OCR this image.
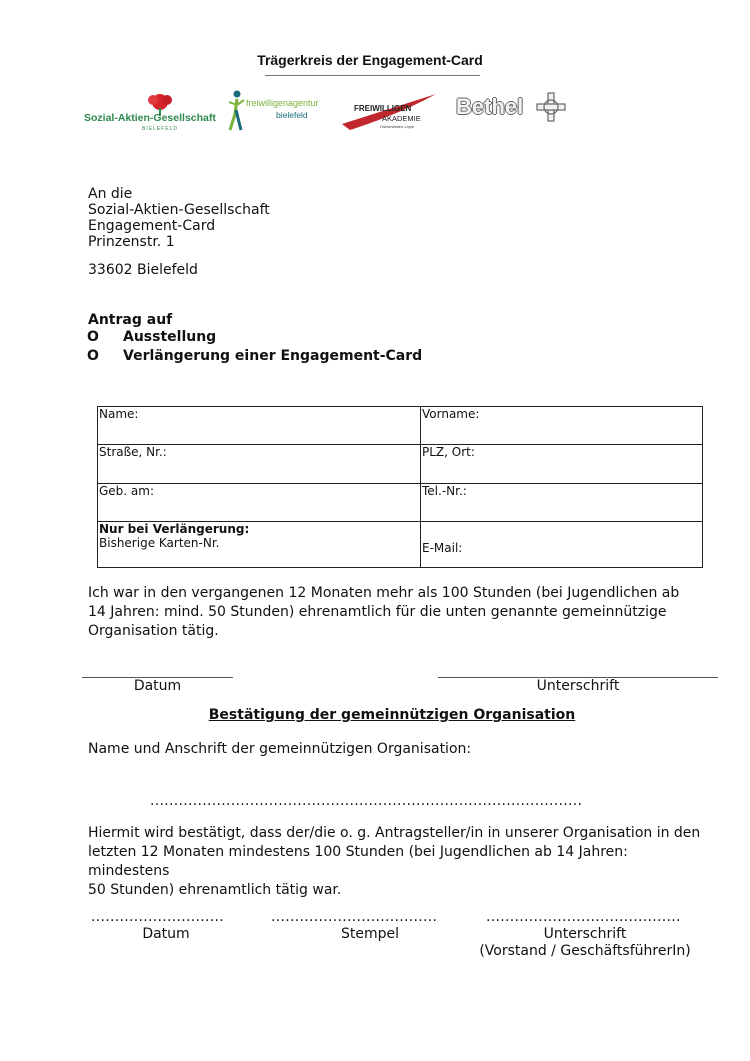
Trägerkreis der Engagement-Card
Sozial-Aktien-Gesellschaft
BIELEFELD
freiwilligenagentur
bielefeld
FREIWILLIGEN
AKADEMIE
Ostwestfalen-Lippe
Bethel
An die
Sozial-Aktien-Gesellschaft
Engagement-Card
Prinzenstr. 1
33602 Bielefeld
Antrag auf
O Ausstellung
O Verlängerung einer Engagement-Card
Name:	Vorname:
Straße, Nr.:	PLZ, Ort:
Geb. am:	Tel.-Nr.:

Nur bei Verlängerung:
Bisherige Karten-Nr.	E-Mail:
Ich war in den vergangenen 12 Monaten mehr als 100 Stunden (bei Jugendlichen ab
14 Jahren: mind. 50 Stunden) ehrenamtlich für die unten genannte gemeinnützige
Organisation tätig.
Datum	Unterschrift
Bestätigung der gemeinnützigen Organisation
Name und Anschrift der gemeinnützigen Organisation:
...........................................................................................
Hiermit wird bestätigt, dass der/die o. g. Antragsteller/in in unserer Organisation in den
letzten 12 Monaten mindestens 100 Stunden (bei Jugendlichen ab 14 Jahren: mindestens
50 Stunden) ehrenamtlich tätig war.
............................	...................................	.........................................
Datum	Stempel	Unterschrift
(Vorstand / GeschäftsführerIn)
